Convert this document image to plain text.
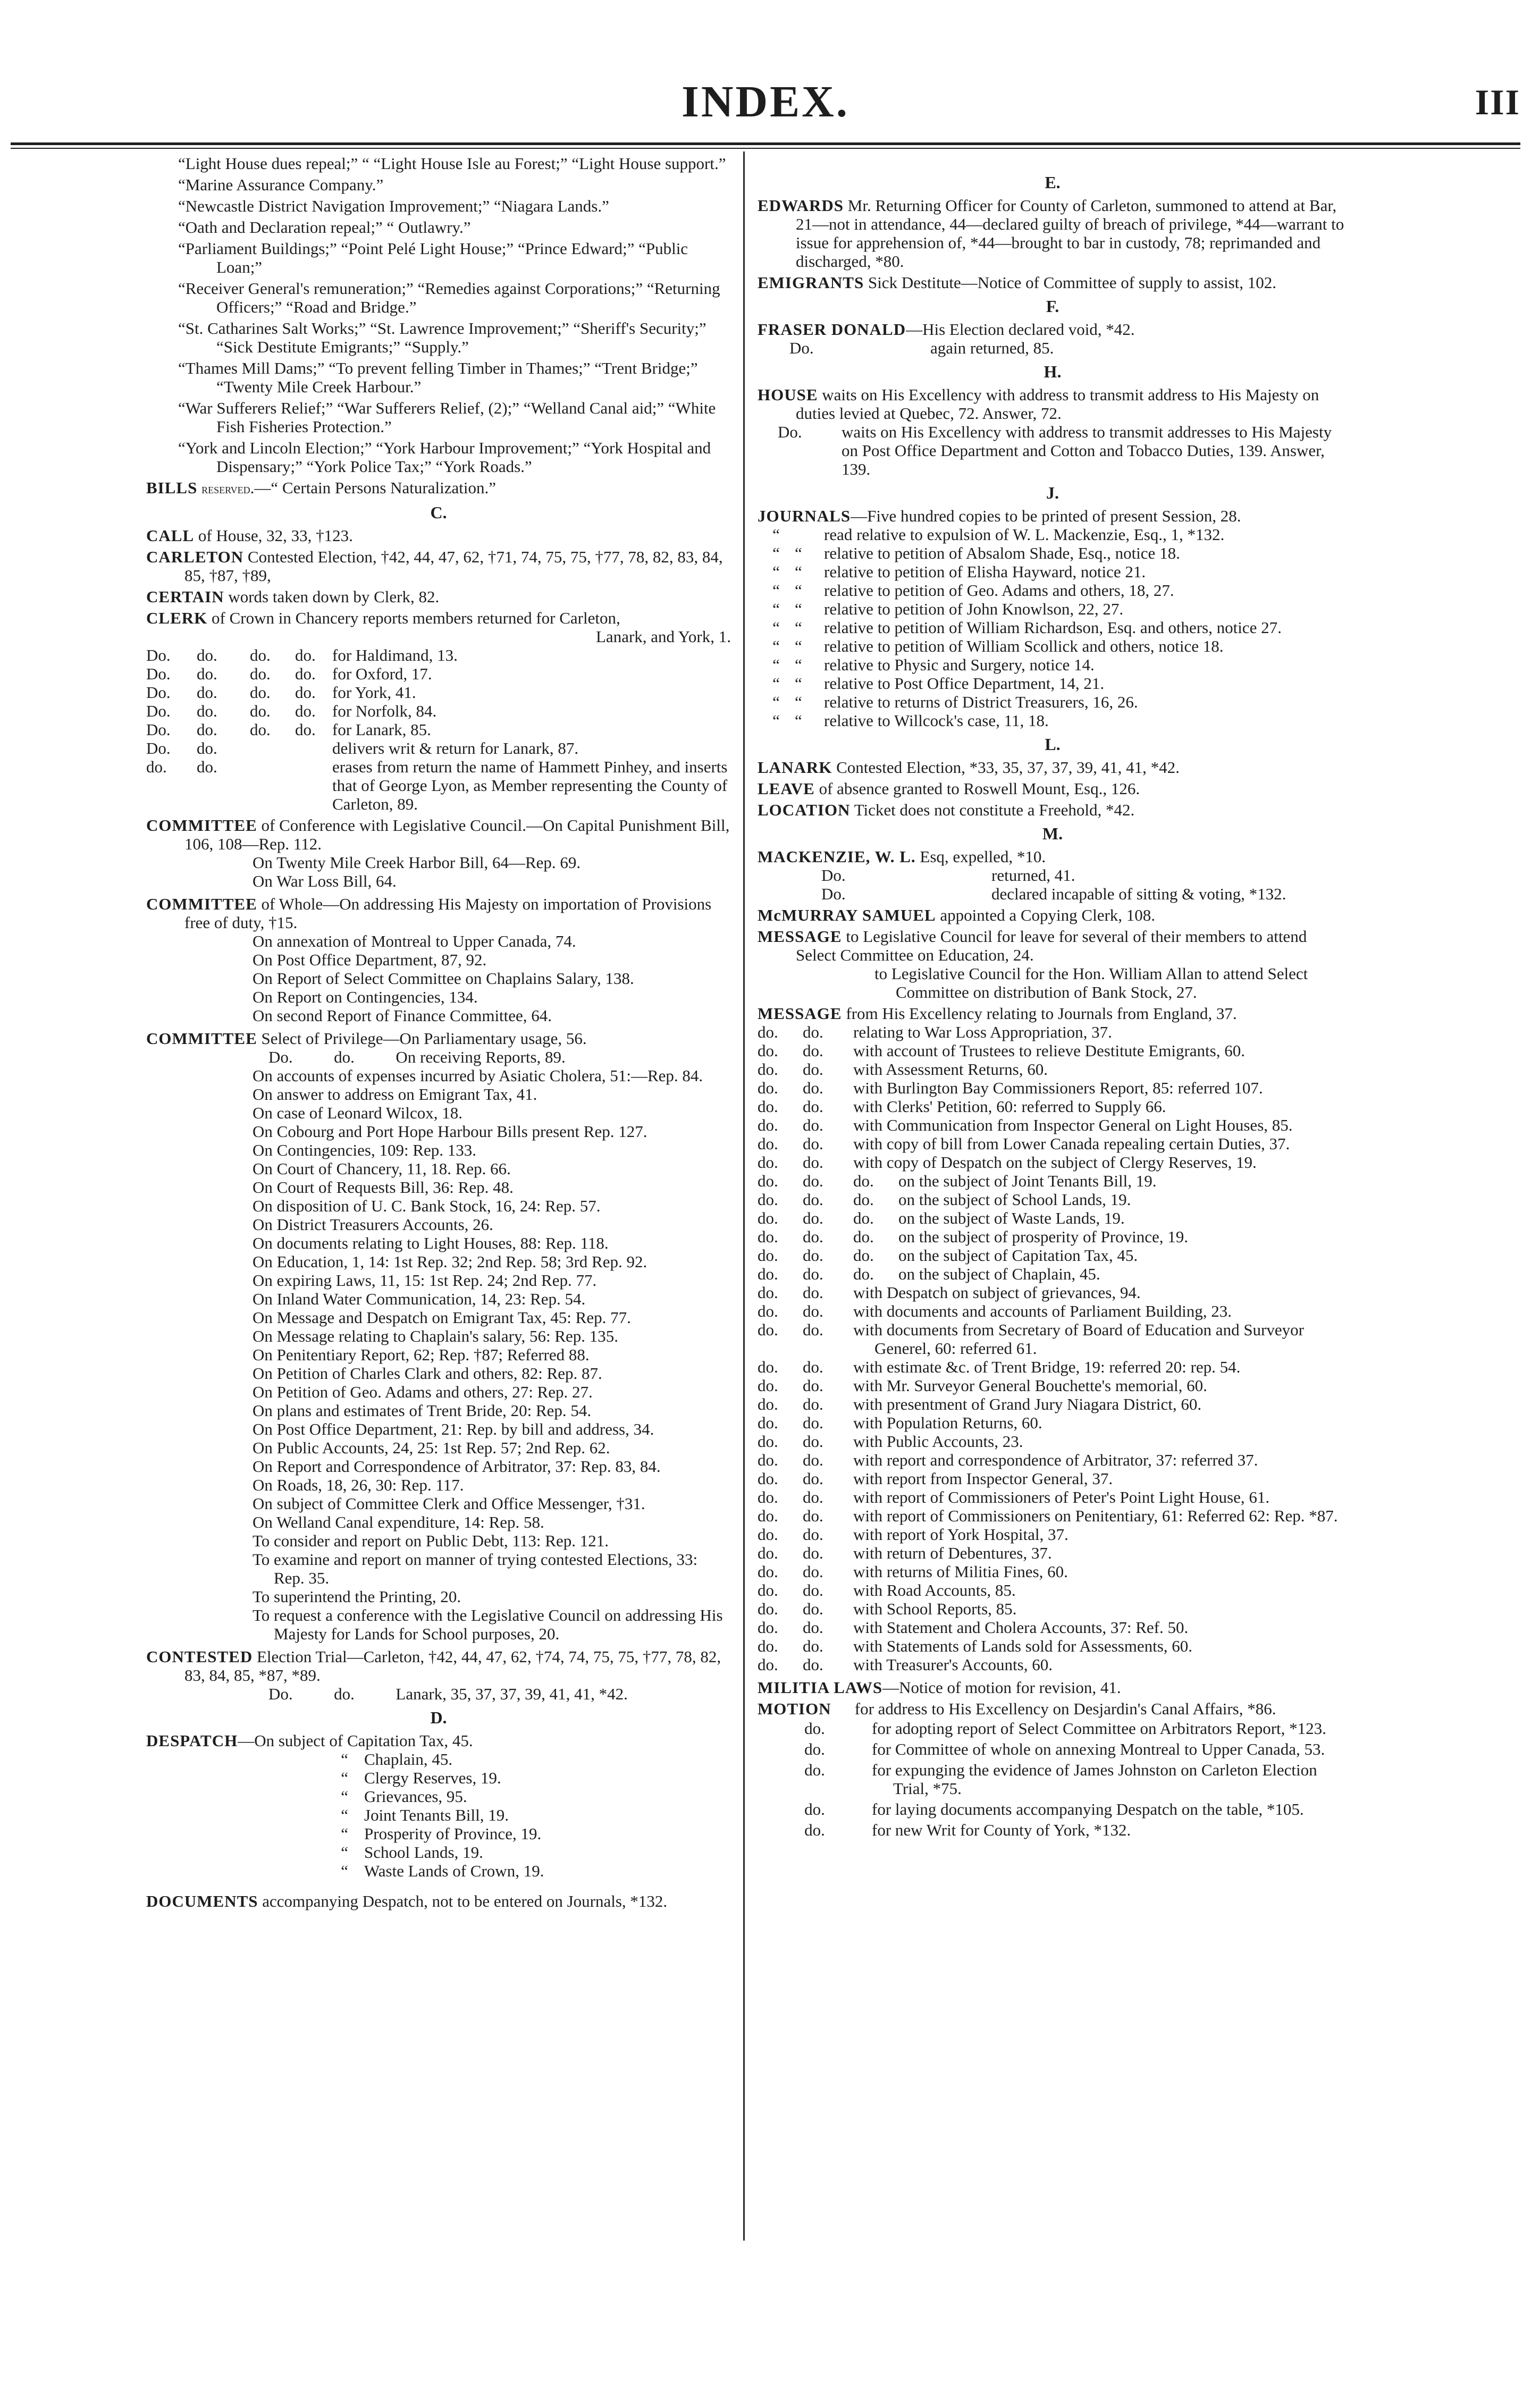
INDEX.	III

“Light House dues repeal;” “ “Light House Isle au Forest;” “Light House support.”

“Marine Assurance Company.”

“Newcastle District Navigation Improvement;” “Niagara Lands.”

“Oath and Declaration repeal;” “ Outlawry.”

“Parliament Buildings;” “Point Pelé Light House;” “Prince Edward;” “Public Loan;”

“Receiver General's remuneration;” “Remedies against Corporations;” “Returning Officers;” “Road and Bridge.”

“St. Catharines Salt Works;” “St. Lawrence Improvement;” “Sheriff's Security;” “Sick Destitute Emigrants;” “Supply.”

“Thames Mill Dams;” “To prevent felling Timber in Thames;” “Trent Bridge;” “Twenty Mile Creek Harbour.”

“War Sufferers Relief;” “War Sufferers Relief, (2);” “Welland Canal aid;” “White Fish Fisheries Protection.”

“York and Lincoln Election;” “York Harbour Improvement;” “York Hospital and Dispensary;” “York Police Tax;” “York Roads.”

BILLS reserved.—“ Certain Persons Naturalization.”

C.

CALL of House, 32, 33, †123.

CARLETON Contested Election, †42, 44, 47, 62, †71, 74, 75, 75, †77, 78, 82, 83, 84, 85, †87, †89,

CERTAIN words taken down by Clerk, 82.

CLERK of Crown in Chancery reports members returned for Carleton,

Lanark, and York, 1.

Do.	do.	do.	do.	for Haldimand, 13.
Do.	do.	do.	do.	for Oxford, 17.
Do.	do.	do.	do.	for York, 41.
Do.	do.	do.	do.	for Norfolk, 84.
Do.	do.	do.	do.	for Lanark, 85.
Do.	do.	delivers writ & return for Lanark, 87.
do.	do.	erases from return the name of Hammett Pinhey, and inserts that of George Lyon, as Member representing the County of Carleton, 89.

COMMITTEE of Conference with Legislative Council.—On Capital Punishment Bill, 106, 108—Rep. 112.

On Twenty Mile Creek Harbor Bill, 64—Rep. 69.

On War Loss Bill, 64.

COMMITTEE of Whole—On addressing His Majesty on importation of Provisions free of duty, †15.

On annexation of Montreal to Upper Canada, 74.

On Post Office Department, 87, 92.

On Report of Select Committee on Chaplains Salary, 138.

On Report on Contingencies, 134.

On second Report of Finance Committee, 64.

COMMITTEE Select of Privilege—On Parliamentary usage, 56.

Do.          do.          On receiving Reports, 89.

On accounts of expenses incurred by Asiatic Cholera, 51:—Rep. 84.

On answer to address on Emigrant Tax, 41.

On case of Leonard Wilcox, 18.

On Cobourg and Port Hope Harbour Bills present Rep. 127.

On Contingencies, 109: Rep. 133.

On Court of Chancery, 11, 18. Rep. 66.

On Court of Requests Bill, 36: Rep. 48.

On disposition of U. C. Bank Stock, 16, 24: Rep. 57.

On District Treasurers Accounts, 26.

On documents relating to Light Houses, 88: Rep. 118.

On Education, 1, 14: 1st Rep. 32; 2nd Rep. 58; 3rd Rep. 92.

On expiring Laws, 11, 15: 1st Rep. 24; 2nd Rep. 77.

On Inland Water Communication, 14, 23: Rep. 54.

On Message and Despatch on Emigrant Tax, 45: Rep. 77.

On Message relating to Chaplain's salary, 56: Rep. 135.

On Penitentiary Report, 62; Rep. †87; Referred 88.

On Petition of Charles Clark and others, 82: Rep. 87.

On Petition of Geo. Adams and others, 27: Rep. 27.

On plans and estimates of Trent Bride, 20: Rep. 54.

On Post Office Department, 21: Rep. by bill and address, 34.

On Public Accounts, 24, 25: 1st Rep. 57; 2nd Rep. 62.

On Report and Correspondence of Arbitrator, 37: Rep. 83, 84.

On Roads, 18, 26, 30: Rep. 117.

On subject of Committee Clerk and Office Messenger, †31.

On Welland Canal expenditure, 14: Rep. 58.

To consider and report on Public Debt, 113: Rep. 121.

To examine and report on manner of trying contested Elections, 33: Rep. 35.

To superintend the Printing, 20.

To request a conference with the Legislative Council on addressing His Majesty for Lands for School purposes, 20.

CONTESTED Election Trial—Carleton, †42, 44, 47, 62, †74, 74, 75, 75, †77, 78, 82, 83, 84, 85, *87, *89.

Do.          do.          Lanark, 35, 37, 37, 39, 41, 41, *42.

D.

DESPATCH—On subject of Capitation Tax, 45.

“ Chaplain, 45.
“ Clergy Reserves, 19.
“ Grievances, 95.
“ Joint Tenants Bill, 19.
“ Prosperity of Province, 19.
“ School Lands, 19.
“ Waste Lands of Crown, 19.

DOCUMENTS accompanying Despatch, not to be entered on Journals, *132.

E.

EDWARDS Mr. Returning Officer for County of Carleton, summoned to attend at Bar, 21—not in attendance, 44—declared guilty of breach of privilege, *44—warrant to issue for apprehension of, *44—brought to bar in custody, 78; reprimanded and discharged, *80.

EMIGRANTS Sick Destitute—Notice of Committee of supply to assist, 102.

F.

FRASER DONALD—His Election declared void, *42.

Do.	again returned, 85.
H.

HOUSE waits on His Excellency with address to transmit address to His Majesty on duties levied at Quebec, 72. Answer, 72.

Do.	waits on His Excellency with address to transmit addresses to His Majesty on Post Office Department and Cotton and Tobacco Duties, 139. Answer, 139.
J.

JOURNALS—Five hundred copies to be printed of present Session, 28.

“	read relative to expulsion of W. L. Mackenzie, Esq., 1, *132.
“ “	relative to petition of Absalom Shade, Esq., notice 18.
“ “	relative to petition of Elisha Hayward, notice 21.
“ “	relative to petition of Geo. Adams and others, 18, 27.
“ “	relative to petition of John Knowlson, 22, 27.
“ “	relative to petition of William Richardson, Esq. and others, notice 27.
“ “	relative to petition of William Scollick and others, notice 18.
“ “	relative to Physic and Surgery, notice 14.
“ “	relative to Post Office Department, 14, 21.
“ “	relative to returns of District Treasurers, 16, 26.
“ “	relative to Willcock's case, 11, 18.
L.

LANARK Contested Election, *33, 35, 37, 37, 39, 41, 41, *42.

LEAVE of absence granted to Roswell Mount, Esq., 126.

LOCATION Ticket does not constitute a Freehold, *42.

M.

MACKENZIE, W. L. Esq, expelled, *10.

Do.	returned, 41.
Do.	declared incapable of sitting & voting, *132.

McMURRAY SAMUEL appointed a Copying Clerk, 108.

MESSAGE to Legislative Council for leave for several of their members to attend Select Committee on Education, 24.

to Legislative Council for the Hon. William Allan to attend Select Committee on distribution of Bank Stock, 27.

MESSAGE from His Excellency relating to Journals from England, 37.

do.	do.	relating to War Loss Appropriation, 37.
do.	do.	with account of Trustees to relieve Destitute Emigrants, 60.
do.	do.	with Assessment Returns, 60.
do.	do.	with Burlington Bay Commissioners Report, 85: referred 107.
do.	do.	with Clerks' Petition, 60: referred to Supply 66.
do.	do.	with Communication from Inspector General on Light Houses, 85.
do.	do.	with copy of bill from Lower Canada repealing certain Duties, 37.
do.	do.	with copy of Despatch on the subject of Clergy Reserves, 19.
do.	do.	do.	on the subject of Joint Tenants Bill, 19.
do.	do.	do.	on the subject of School Lands, 19.
do.	do.	do.	on the subject of Waste Lands, 19.
do.	do.	do.	on the subject of prosperity of Province, 19.
do.	do.	do.	on the subject of Capitation Tax, 45.
do.	do.	do.	on the subject of Chaplain, 45.
do.	do.	with Despatch on subject of grievances, 94.
do.	do.	with documents and accounts of Parliament Building, 23.
do.	do.	with documents from Secretary of Board of Education and Surveyor Generel, 60: referred 61.
do.	do.	with estimate &c. of Trent Bridge, 19: referred 20: rep. 54.
do.	do.	with Mr. Surveyor General Bouchette's memorial, 60.
do.	do.	with presentment of Grand Jury Niagara District, 60.
do.	do.	with Population Returns, 60.
do.	do.	with Public Accounts, 23.
do.	do.	with report and correspondence of Arbitrator, 37: referred 37.
do.	do.	with report from Inspector General, 37.
do.	do.	with report of Commissioners of Peter's Point Light House, 61.
do.	do.	with report of Commissioners on Penitentiary, 61: Referred 62: Rep. *87.
do.	do.	with report of York Hospital, 37.
do.	do.	with return of Debentures, 37.
do.	do.	with returns of Militia Fines, 60.
do.	do.	with Road Accounts, 85.
do.	do.	with School Reports, 85.
do.	do.	with Statement and Cholera Accounts, 37: Ref. 50.
do.	do.	with Statements of Lands sold for Assessments, 60.
do.	do.	with Treasurer's Accounts, 60.

MILITIA LAWS—Notice of motion for revision, 41.

MOTION for address to His Excellency on Desjardin's Canal Affairs, *86.

do.	for adopting report of Select Committee on Arbitrators Report, *123.
do.	for Committee of whole on annexing Montreal to Upper Canada, 53.
do.	for expunging the evidence of James Johnston on Carleton Election Trial, *75.
do.	for laying documents accompanying Despatch on the table, *105.
do.	for new Writ for County of York, *132.
